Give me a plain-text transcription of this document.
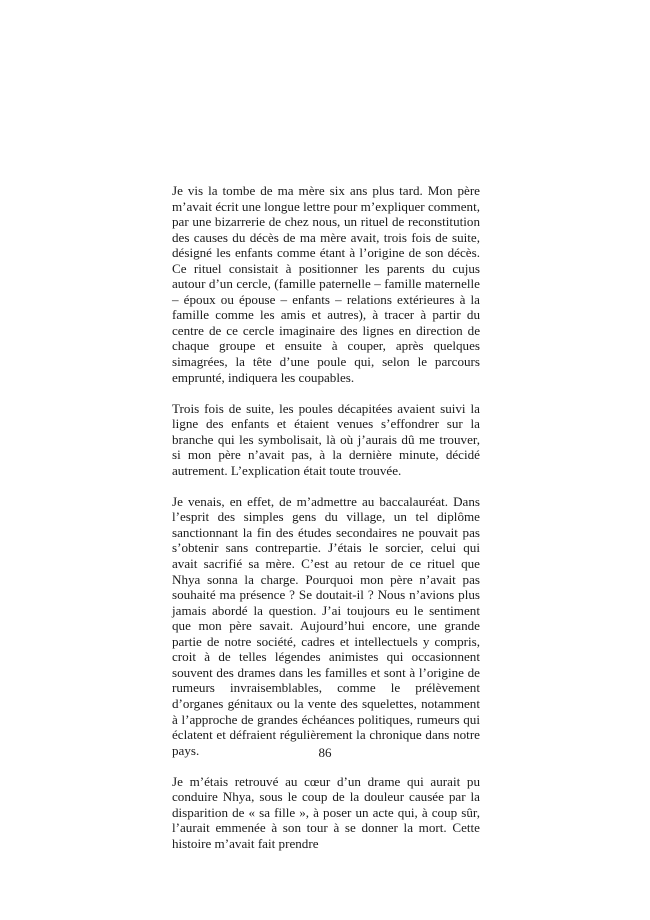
Je vis la tombe de ma mère six ans plus tard. Mon père m’avait écrit une longue lettre pour m’expliquer comment, par une bizarrerie de chez nous, un rituel de reconstitution des causes du décès de ma mère avait, trois fois de suite, désigné les enfants comme étant à l’origine de son décès. Ce rituel consistait à positionner les parents du cujus autour d’un cercle, (famille paternelle – famille maternelle – époux ou épouse – enfants – relations extérieures à la famille comme les amis et autres), à tracer à partir du centre de ce cercle imaginaire des lignes en direction de chaque groupe et ensuite à couper, après quelques simagrées, la tête d’une poule qui, selon le parcours emprunté, indiquera les coupables.

Trois fois de suite, les poules décapitées avaient suivi la ligne des enfants et étaient venues s’effondrer sur la branche qui les symbolisait, là où j’aurais dû me trouver, si mon père n’avait pas, à la dernière minute, décidé autrement. L’explication était toute trouvée.

Je venais, en effet, de m’admettre au baccalauréat. Dans l’esprit des simples gens du village, un tel diplôme sanctionnant la fin des études secondaires ne pouvait pas s’obtenir sans contrepartie. J’étais le sorcier, celui qui avait sacrifié sa mère. C’est au retour de ce rituel que Nhya sonna la charge. Pourquoi mon père n’avait pas souhaité ma présence ? Se doutait-il ? Nous n’avions plus jamais abordé la question. J’ai toujours eu le sentiment que mon père savait. Aujourd’hui encore, une grande partie de notre société, cadres et intellectuels y compris, croit à de telles légendes animistes qui occasionnent souvent des drames dans les familles et sont à l’origine de rumeurs invraisemblables, comme le prélèvement d’organes génitaux ou la vente des squelettes, notamment à l’approche de grandes échéances politiques, rumeurs qui éclatent et défraient régulièrement la chronique dans notre pays.

Je m’étais retrouvé au cœur d’un drame qui aurait pu conduire Nhya, sous le coup de la douleur causée par la disparition de « sa fille », à poser un acte qui, à coup sûr, l’aurait emmenée à son tour à se donner la mort. Cette histoire m’avait fait prendre

86
